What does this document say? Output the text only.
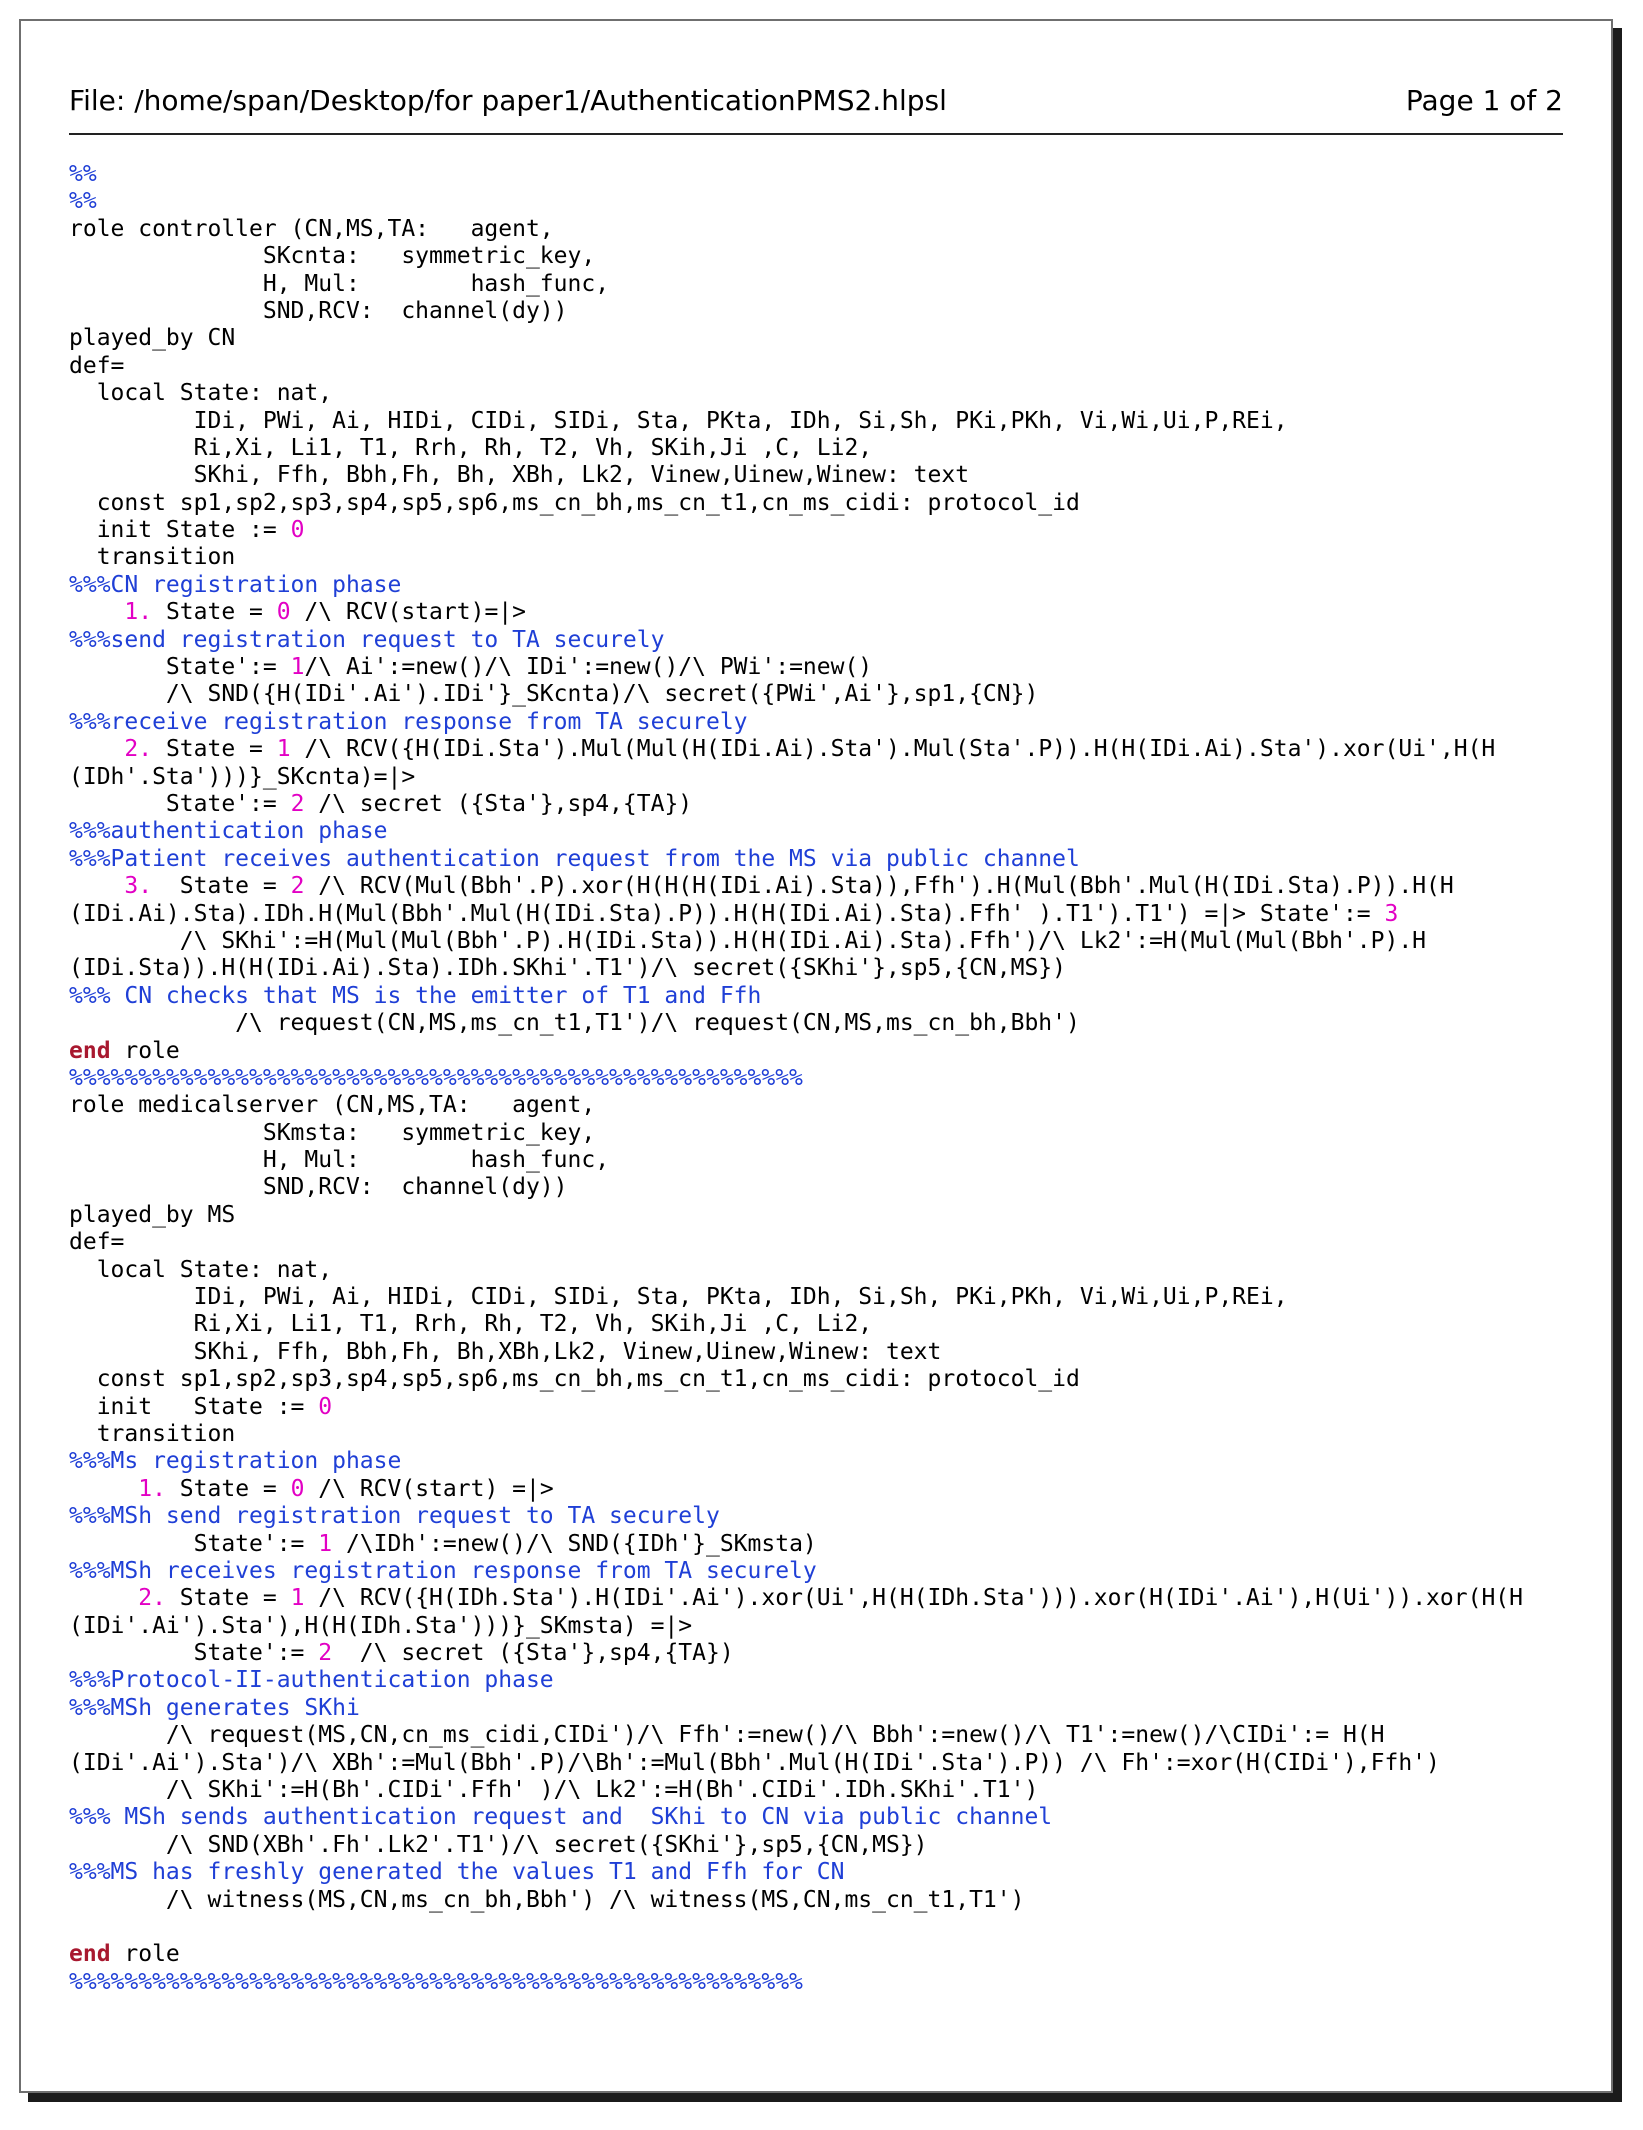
File: /home/span/Desktop/for paper1/AuthenticationPMS2.hlpsl	Page 1 of 2
%%
%%
role controller (CN,MS,TA:   agent,
SKcnta:   symmetric_key,
H, Mul:        hash_func,
SND,RCV:  channel(dy))
played_by CN
def=
local State: nat,
IDi, PWi, Ai, HIDi, CIDi, SIDi, Sta, PKta, IDh, Si,Sh, PKi,PKh, Vi,Wi,Ui,P,REi,
Ri,Xi, Li1, T1, Rrh, Rh, T2, Vh, SKih,Ji ,C, Li2,
SKhi, Ffh, Bbh,Fh, Bh, XBh, Lk2, Vinew,Uinew,Winew: text
const sp1,sp2,sp3,sp4,sp5,sp6,ms_cn_bh,ms_cn_t1,cn_ms_cidi: protocol_id
init State := 0
transition
%%%CN registration phase
1. State = 0 /\ RCV(start)=|>
%%%send registration request to TA securely
State':= 1/\ Ai':=new()/\ IDi':=new()/\ PWi':=new()
/\ SND({H(IDi'.Ai').IDi'}_SKcnta)/\ secret({PWi',Ai'},sp1,{CN})
%%%receive registration response from TA securely
2. State = 1 /\ RCV({H(IDi.Sta').Mul(Mul(H(IDi.Ai).Sta').Mul(Sta'.P)).H(H(IDi.Ai).Sta').xor(Ui',H(H
(IDh'.Sta')))}_SKcnta)=|>
State':= 2 /\ secret ({Sta'},sp4,{TA})
%%%authentication phase
%%%Patient receives authentication request from the MS via public channel
3.  State = 2 /\ RCV(Mul(Bbh'.P).xor(H(H(H(IDi.Ai).Sta)),Ffh').H(Mul(Bbh'.Mul(H(IDi.Sta).P)).H(H
(IDi.Ai).Sta).IDh.H(Mul(Bbh'.Mul(H(IDi.Sta).P)).H(H(IDi.Ai).Sta).Ffh' ).T1').T1') =|> State':= 3
/\ SKhi':=H(Mul(Mul(Bbh'.P).H(IDi.Sta)).H(H(IDi.Ai).Sta).Ffh')/\ Lk2':=H(Mul(Mul(Bbh'.P).H
(IDi.Sta)).H(H(IDi.Ai).Sta).IDh.SKhi'.T1')/\ secret({SKhi'},sp5,{CN,MS})
%%% CN checks that MS is the emitter of T1 and Ffh
/\ request(CN,MS,ms_cn_t1,T1')/\ request(CN,MS,ms_cn_bh,Bbh')
end role
%%%%%%%%%%%%%%%%%%%%%%%%%%%%%%%%%%%%%%%%%%%%%%%%%%%%%
role medicalserver (CN,MS,TA:   agent,
SKmsta:   symmetric_key,
H, Mul:        hash_func,
SND,RCV:  channel(dy))
played_by MS
def=
local State: nat,
IDi, PWi, Ai, HIDi, CIDi, SIDi, Sta, PKta, IDh, Si,Sh, PKi,PKh, Vi,Wi,Ui,P,REi,
Ri,Xi, Li1, T1, Rrh, Rh, T2, Vh, SKih,Ji ,C, Li2,
SKhi, Ffh, Bbh,Fh, Bh,XBh,Lk2, Vinew,Uinew,Winew: text
const sp1,sp2,sp3,sp4,sp5,sp6,ms_cn_bh,ms_cn_t1,cn_ms_cidi: protocol_id
init   State := 0
transition
%%%Ms registration phase
1. State = 0 /\ RCV(start) =|>
%%%MSh send registration request to TA securely
State':= 1 /\IDh':=new()/\ SND({IDh'}_SKmsta)
%%%MSh receives registration response from TA securely
2. State = 1 /\ RCV({H(IDh.Sta').H(IDi'.Ai').xor(Ui',H(H(IDh.Sta'))).xor(H(IDi'.Ai'),H(Ui')).xor(H(H
(IDi'.Ai').Sta'),H(H(IDh.Sta')))}_SKmsta) =|>
State':= 2  /\ secret ({Sta'},sp4,{TA})
%%%Protocol-II-authentication phase
%%%MSh generates SKhi
/\ request(MS,CN,cn_ms_cidi,CIDi')/\ Ffh':=new()/\ Bbh':=new()/\ T1':=new()/\CIDi':= H(H
(IDi'.Ai').Sta')/\ XBh':=Mul(Bbh'.P)/\Bh':=Mul(Bbh'.Mul(H(IDi'.Sta').P)) /\ Fh':=xor(H(CIDi'),Ffh')
/\ SKhi':=H(Bh'.CIDi'.Ffh' )/\ Lk2':=H(Bh'.CIDi'.IDh.SKhi'.T1')
%%% MSh sends authentication request and  SKhi to CN via public channel
/\ SND(XBh'.Fh'.Lk2'.T1')/\ secret({SKhi'},sp5,{CN,MS})
%%%MS has freshly generated the values T1 and Ffh for CN
/\ witness(MS,CN,ms_cn_bh,Bbh') /\ witness(MS,CN,ms_cn_t1,T1')
end role
%%%%%%%%%%%%%%%%%%%%%%%%%%%%%%%%%%%%%%%%%%%%%%%%%%%%%
